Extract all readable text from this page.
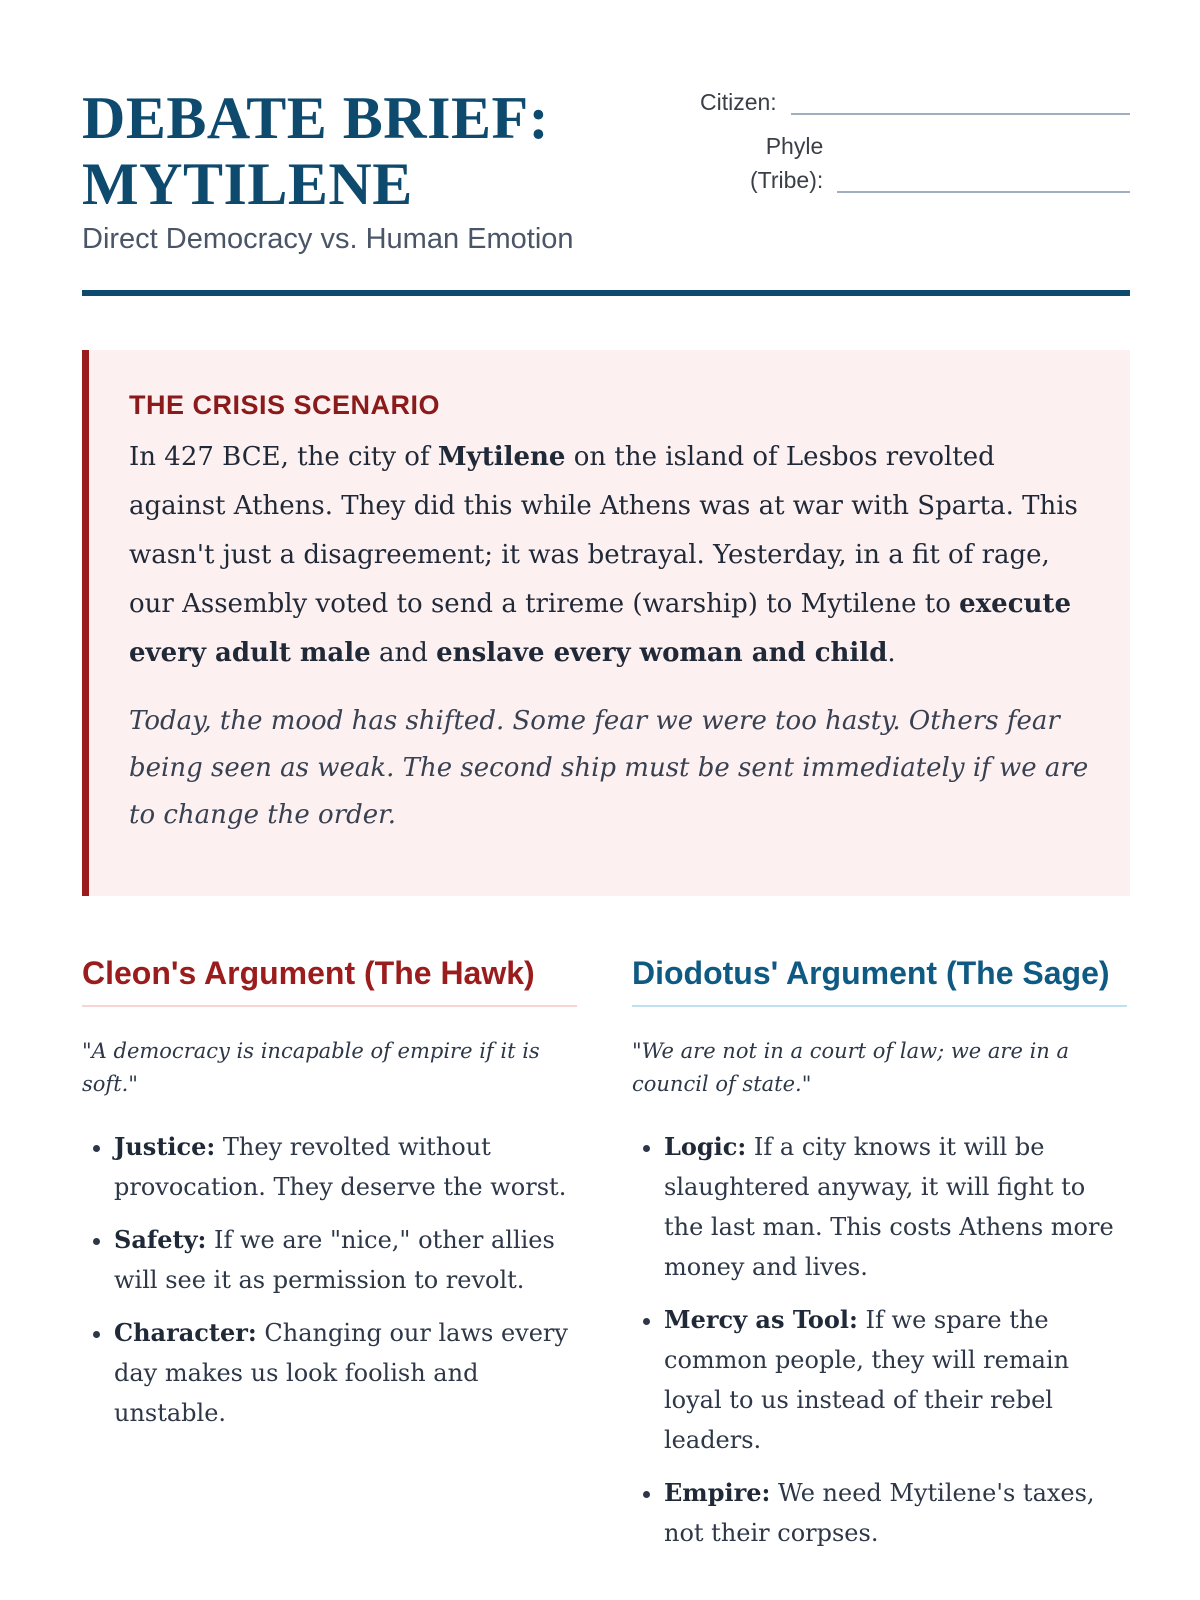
DEBATE BRIEF:
MYTILENE
Direct Democracy vs. Human Emotion
Citizen:
Phyle
(Tribe):
THE CRISIS SCENARIO

In 427 BCE, the city of Mytilene on the island of Lesbos revolted against Athens. They did this while Athens was at war with Sparta. This wasn't just a disagreement; it was betrayal. Yesterday, in a fit of rage, our Assembly voted to send a trireme (warship) to Mytilene to execute every adult male and enslave every woman and child.

Today, the mood has shifted. Some fear we were too hasty. Others fear being seen as weak. The second ship must be sent immediately if we are to change the order.

Cleon's Argument (The Hawk)
"A democracy is incapable of empire if it is soft."
• Justice: They revolted without provocation. They deserve the worst.
• Safety: If we are "nice," other allies will see it as permission to revolt.
• Character: Changing our laws every day makes us look foolish and unstable.
Diodotus' Argument (The Sage)
"We are not in a court of law; we are in a council of state."
• Logic: If a city knows it will be slaughtered anyway, it will fight to the last man. This costs Athens more money and lives.
• Mercy as Tool: If we spare the common people, they will remain loyal to us instead of their rebel leaders.
• Empire: We need Mytilene's taxes, not their corpses.
